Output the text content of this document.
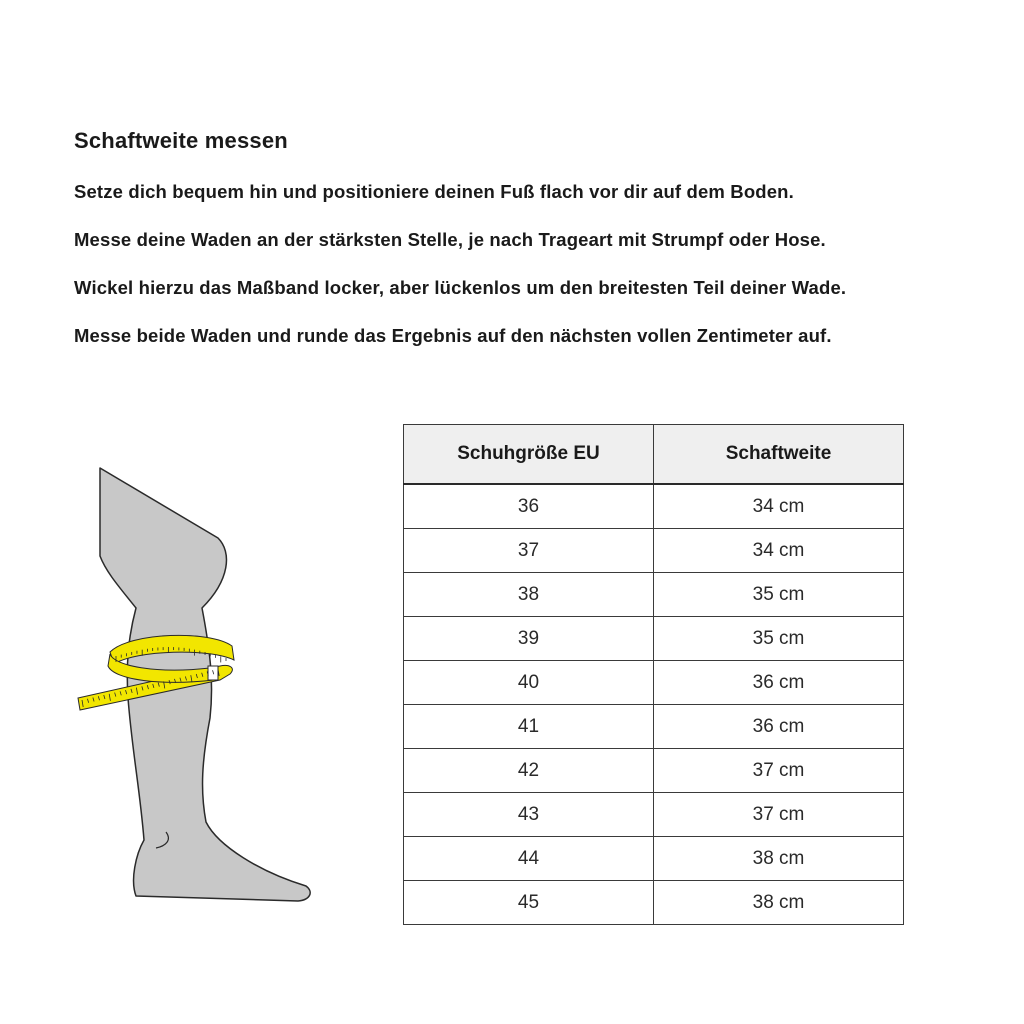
Schaftweite messen

Setze dich bequem hin und positioniere deinen Fuß flach vor dir auf dem Boden.

Messe deine Waden an der stärksten Stelle, je nach Trageart mit Strumpf oder Hose.

Wickel hierzu das Maßband locker, aber lückenlos um den breitesten Teil deiner Wade.

Messe beide Waden und runde das Ergebnis auf den nächsten vollen Zentimeter auf.

Schuhgröße EU	Schaftweite
36	34 cm
37	34 cm
38	35 cm
39	35 cm
40	36 cm
41	36 cm
42	37 cm
43	37 cm
44	38 cm
45	38 cm
